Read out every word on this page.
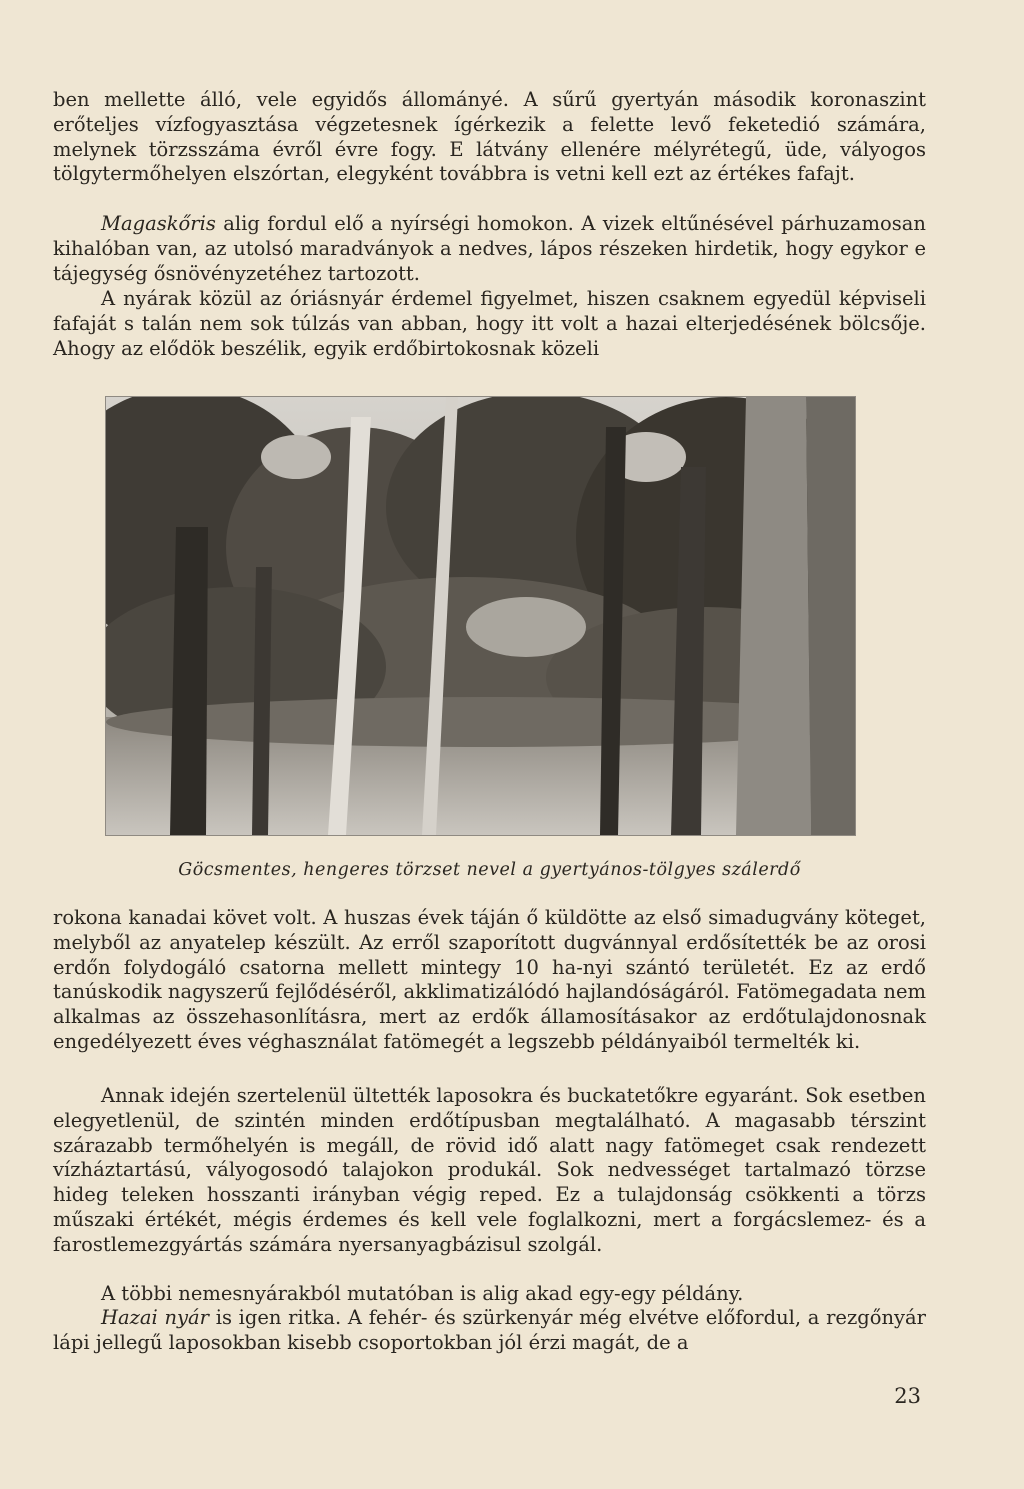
ben mellette álló, vele egyidős állományé. A sűrű gyertyán második koronaszint erőteljes vízfogyasztása végzetesnek ígérkezik a felette levő feketedió számára, melynek törzsszáma évről évre fogy. E látvány ellenére mélyrétegű, üde, vályogos tölgytermőhelyen elszórtan, elegyként továbbra is vetni kell ezt az értékes fafajt.

Magaskőris alig fordul elő a nyírségi homokon. A vizek eltűnésével párhuzamosan kihalóban van, az utolsó maradványok a nedves, lápos részeken hirdetik, hogy egykor e tájegység ősnövényzetéhez tartozott.

A nyárak közül az óriásnyár érdemel figyelmet, hiszen csaknem egyedül képviseli fafaját s talán nem sok túlzás van abban, hogy itt volt a hazai elterjedésének bölcsője. Ahogy az elődök beszélik, egyik erdőbirtokosnak közeli

Göcsmentes, hengeres törzset nevel a gyertyános-tölgyes szálerdő

rokona kanadai követ volt. A huszas évek táján ő küldötte az első simadugvány köteget, melyből az anyatelep készült. Az erről szaporított dugvánnyal erdősítették be az orosi erdőn folydogáló csatorna mellett mintegy 10 ha-nyi szántó területét. Ez az erdő tanúskodik nagyszerű fejlődéséről, akklimatizálódó hajlandóságáról. Fatömegadata nem alkalmas az összehasonlításra, mert az erdők államosításakor az erdőtulajdonosnak engedélyezett éves véghasználat fatömegét a legszebb példányaiból termelték ki.

Annak idején szertelenül ültették laposokra és buckatetőkre egyaránt. Sok esetben elegyetlenül, de szintén minden erdőtípusban megtalálható. A magasabb térszint szárazabb termőhelyén is megáll, de rövid idő alatt nagy fatömeget csak rendezett vízháztartású, vályogosodó talajokon produkál. Sok nedvességet tartalmazó törzse hideg teleken hosszanti irányban végig reped. Ez a tulajdonság csökkenti a törzs műszaki értékét, mégis érdemes és kell vele foglalkozni, mert a forgácslemez- és a farostlemezgyártás számára nyersanyagbázisul szolgál.

A többi nemesnyárakból mutatóban is alig akad egy-egy példány.

Hazai nyár is igen ritka. A fehér- és szürkenyár még elvétve előfordul, a rezgőnyár lápi jellegű laposokban kisebb csoportokban jól érzi magát, de a

23
